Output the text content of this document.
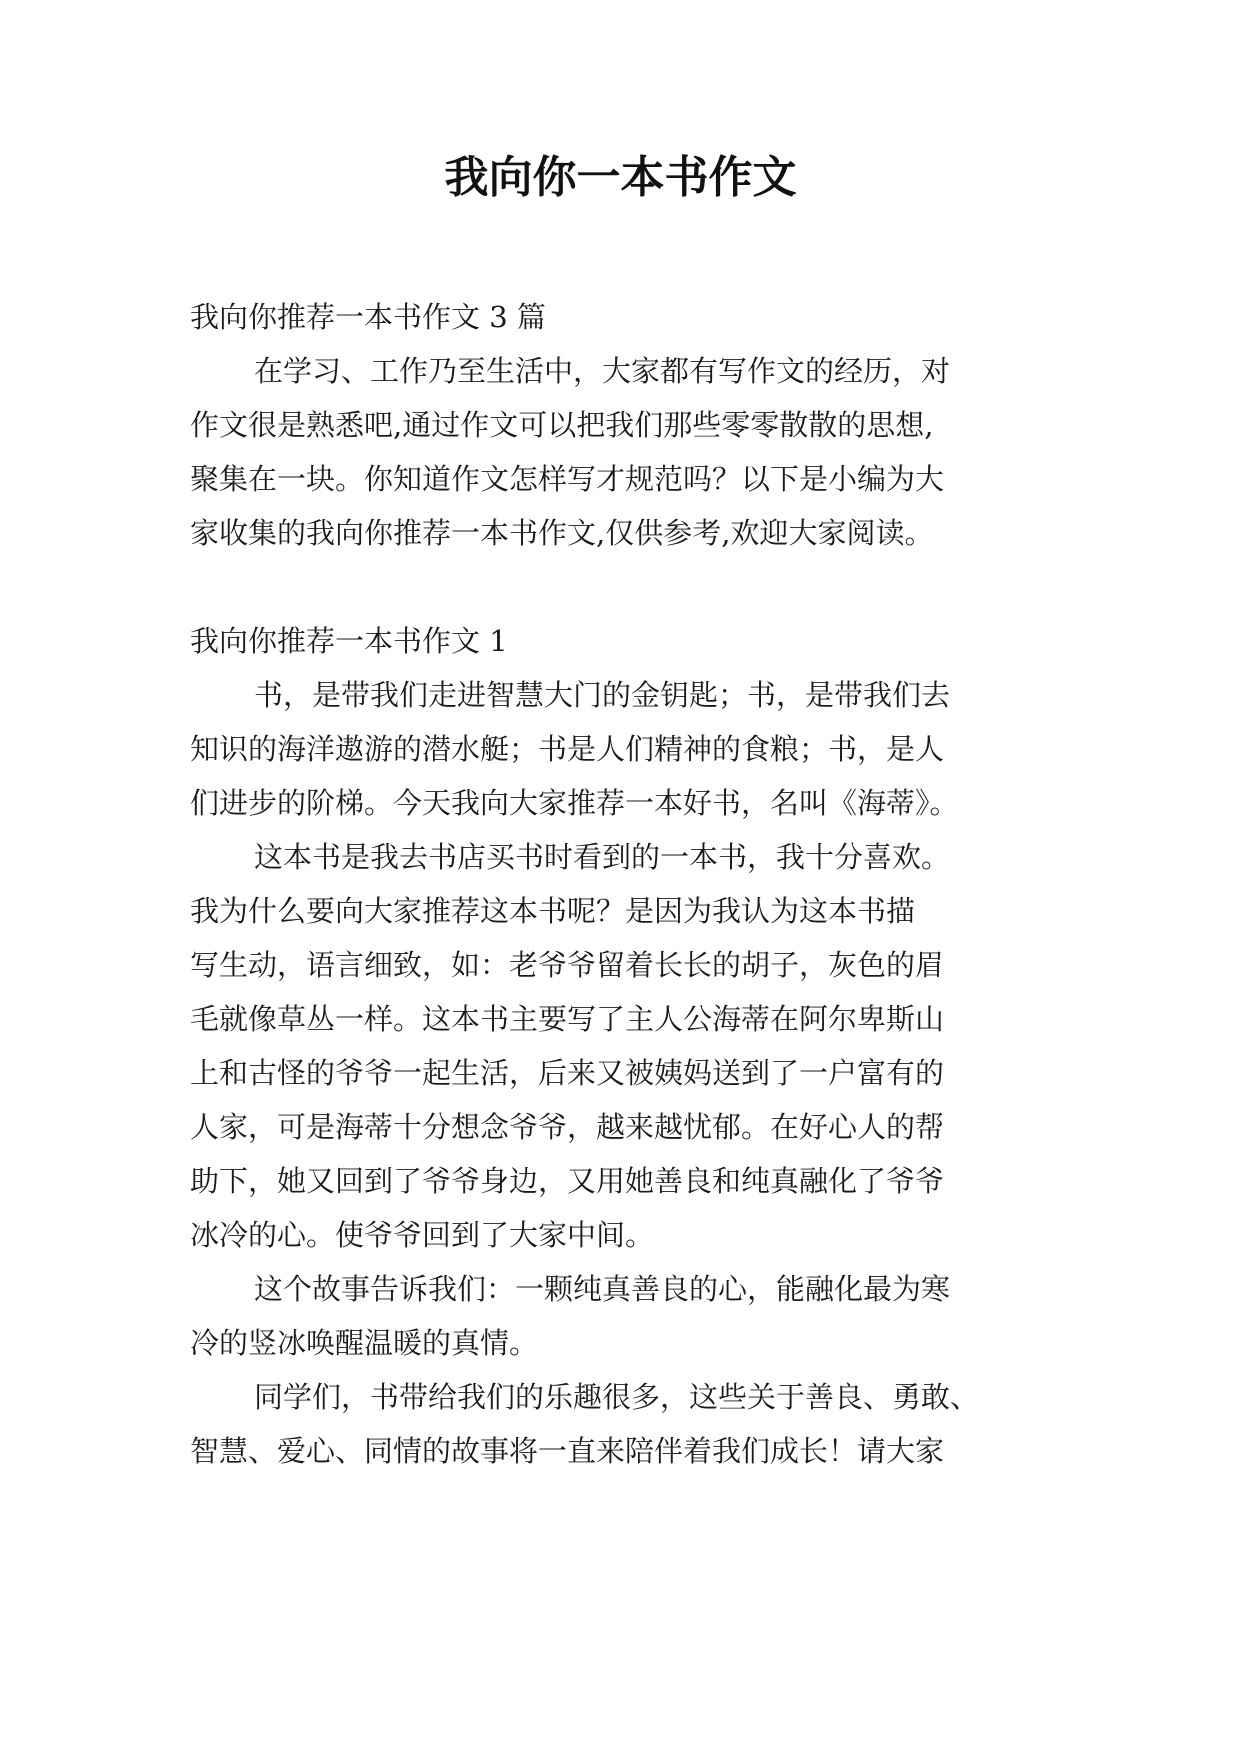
我向你一本书作文
我向你推荐一本书作文 3 篇
在学习、工作乃至生活中，大家都有写作文的经历，对
作文很是熟悉吧,通过作文可以把我们那些零零散散的思想,
聚集在一块。你知道作文怎样写才规范吗？以下是小编为大
家收集的我向你推荐一本书作文,仅供参考,欢迎大家阅读。
我向你推荐一本书作文 1
书，是带我们走进智慧大门的金钥匙；书，是带我们去
知识的海洋遨游的潜水艇；书是人们精神的食粮；书，是人
们进步的阶梯。今天我向大家推荐一本好书，名叫《海蒂》。
这本书是我去书店买书时看到的一本书，我十分喜欢。
我为什么要向大家推荐这本书呢？是因为我认为这本书描
写生动，语言细致，如：老爷爷留着长长的胡子，灰色的眉
毛就像草丛一样。这本书主要写了主人公海蒂在阿尔卑斯山
上和古怪的爷爷一起生活，后来又被姨妈送到了一户富有的
人家，可是海蒂十分想念爷爷，越来越忧郁。在好心人的帮
助下，她又回到了爷爷身边，又用她善良和纯真融化了爷爷
冰冷的心。使爷爷回到了大家中间。
这个故事告诉我们：一颗纯真善良的心，能融化最为寒
冷的竖冰唤醒温暖的真情。
同学们，书带给我们的乐趣很多，这些关于善良、勇敢、
智慧、爱心、同情的故事将一直来陪伴着我们成长！请大家
